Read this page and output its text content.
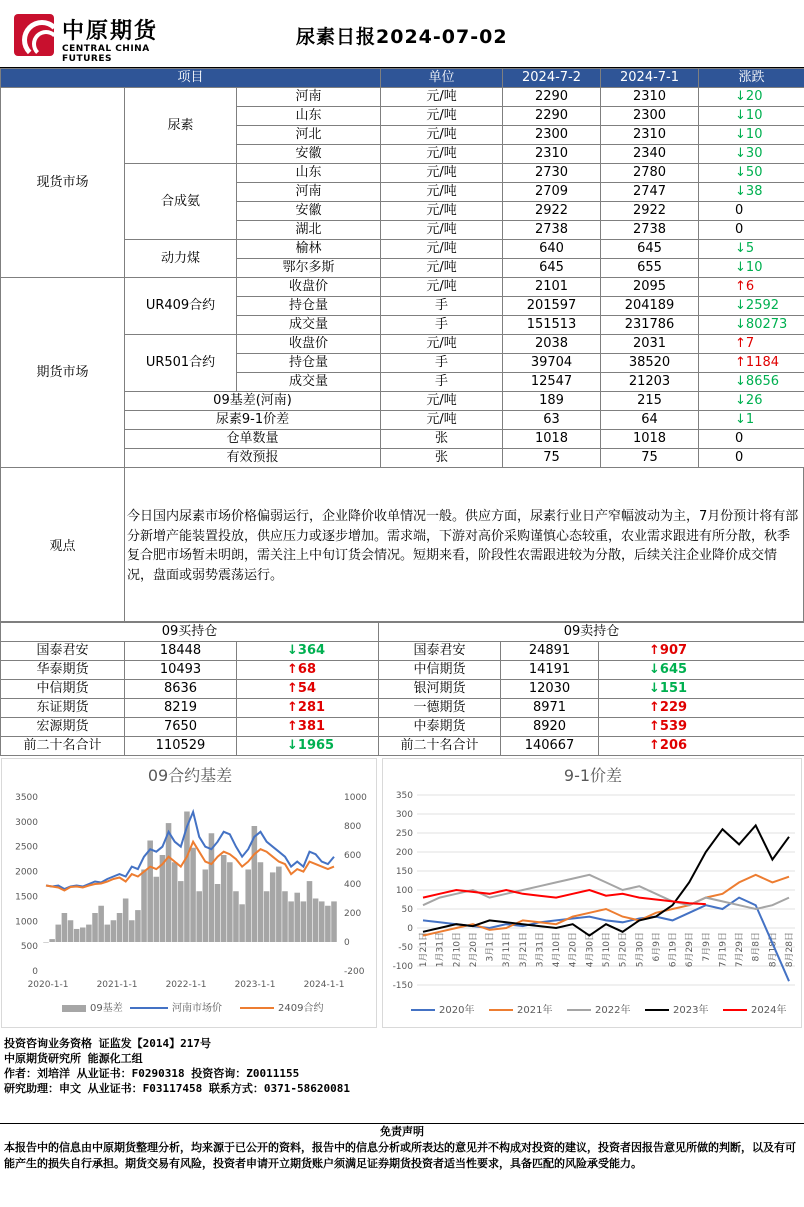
中原期货
CENTRAL CHINA FUTURES
尿素日报2024-07-02
项目			单位	2024-7-2	2024-7-1	涨跌
现货市场	尿素	河南	元/吨	2290	2310	↓20
		山东	元/吨	2290	2300	↓10
		河北	元/吨	2300	2310	↓10
		安徽	元/吨	2310	2340	↓30
	合成氨	山东	元/吨	2730	2780	↓50
		河南	元/吨	2709	2747	↓38
		安徽	元/吨	2922	2922	0
		湖北	元/吨	2738	2738	0
	动力煤	榆林	元/吨	640	645	↓5
		鄂尔多斯	元/吨	645	655	↓10
期货市场	UR409合约	收盘价	元/吨	2101	2095	↑6
		持仓量	手	201597	204189	↓2592
		成交量	手	151513	231786	↓80273
	UR501合约	收盘价	元/吨	2038	2031	↑7
		持仓量	手	39704	38520	↑1184
		成交量	手	12547	21203	↓8656
	09基差(河南)		元/吨	189	215	↓26
	尿素9-1价差		元/吨	63	64	↓1
	仓单数量		张	1018	1018	0
	有效预报		张	75	75	0
观点
今日国内尿素市场价格偏弱运行，企业降价收单情况一般。供应方面，尿素行业日产窄幅波动为主，7月份预计将有部分新增产能装置投放，供应压力或逐步增加。需求端，下游对高价采购谨慎心态较重，农业需求跟进有所分散，秋季复合肥市场暂未明朗，需关注上中旬订货会情况。短期来看，阶段性农需跟进较为分散，后续关注企业降价成交情况，盘面或弱势震荡运行。
09买持仓			09卖持仓		
国泰君安	18448	↓364	国泰君安	24891	↑907
华泰期货	10493	↑68	中信期货	14191	↓645
中信期货	8636	↑54	银河期货	12030	↓151
东证期货	8219	↑281	一德期货	8971	↑229
宏源期货	7650	↑381	中泰期货	8920	↑539
前二十名合计	110529	↓1965	前二十名合计	140667	↑206
09合约基差
0
500
1000
1500
2000
2500
3000
3500
-200
0
200
400
600
800
1000
2020-1-1	2021-1-1	2022-1-1	2023-1-1	2024-1-1
09基差	河南市场价	2409合约
9-1价差
-150
-100
-50
0
50
100
150
200
250
300
350
1月21日 1月31日 2月10日 2月20日 3月1日 3月11日 3月21日 3月31日 4月10日 4月20日 4月30日 5月10日 5月20日 5月30日 6月9日 6月19日 6月29日 7月9日 7月19日 7月29日 8月8日 8月18日 8月28日
2020年	2021年	2022年	2023年	2024年
投资咨询业务资格 证监发【2014】217号
中原期货研究所 能源化工组
作者：刘培洋 从业证书：F0290318 投资咨询：Z0011155
研究助理：申文 从业证书：F03117458 联系方式：0371-58620081
免责声明
本报告中的信息由中原期货整理分析，均来源于已公开的资料，报告中的信息分析或所表达的意见并不构成对投资的建议，投资者因报告意见所做的判断，以及有可能产生的损失自行承担。期货交易有风险，投资者申请开立期货账户须满足证券期货投资者适当性要求，具备匹配的风险承受能力。
